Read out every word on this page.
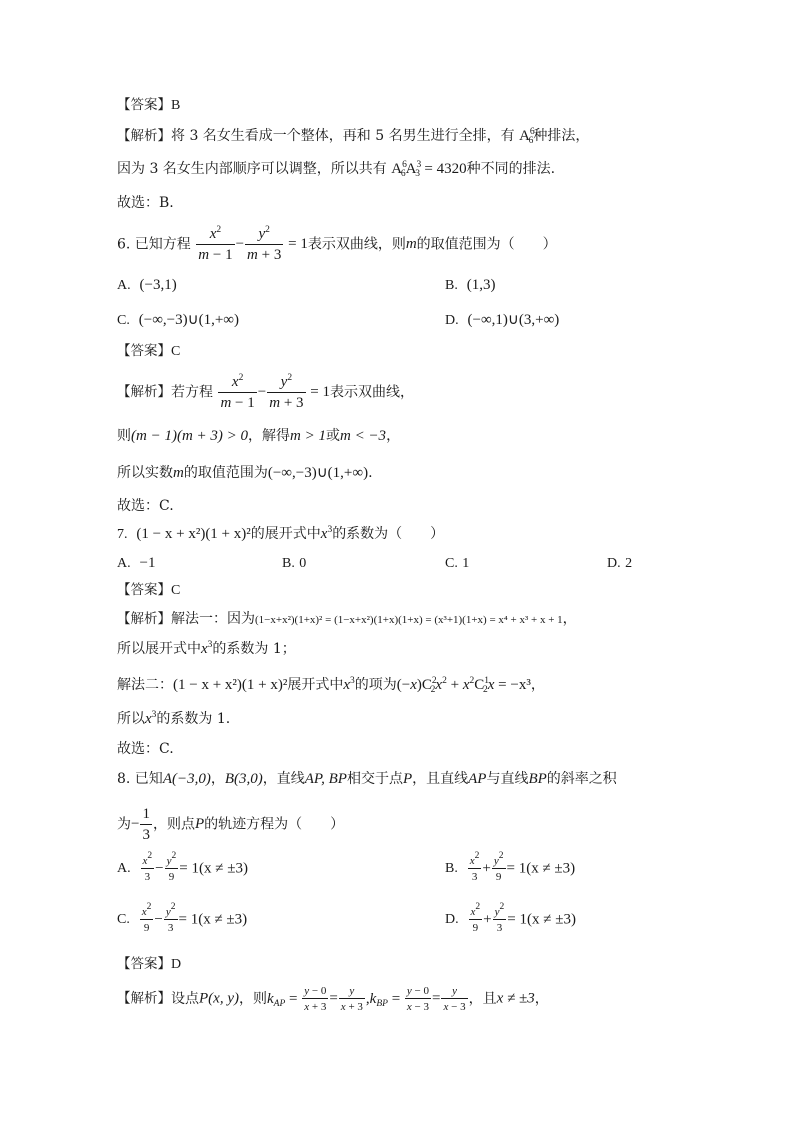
【答案】B
【解析】将 3 名女生看成一个整体，再和 5 名男生进行全排，有 $A^6_6$种排法，
因为 3 名女生内部顺序可以调整，所以共有 $A^6_6A^3_3 = 4320$种不同的排法.
故选：B.
6. 已知方程 $\frac{x^2}{m - 1} - \frac{y^2}{m + 3} = 1$表示双曲线，则m的取值范围为（　　）
A. (−3,1)	B. (1,3)
C. (−∞,−3)∪(1,+∞)	D. (−∞,1)∪(3,+∞)
【答案】C
【解析】若方程 $\frac{x^2}{m - 1} - \frac{y^2}{m + 3} = 1$表示双曲线，
则(m − 1)(m + 3) > 0，解得m > 1或m < −3，
所以实数m的取值范围为(−∞,−3)∪(1,+∞).
故选：C.
7. (1 − x + x²)(1 + x)²的展开式中$x^3$的系数为（　　）
A. −1	B. 0	C. 1	D. 2
【答案】C
【解析】解法一：因为(1−x+x²)(1+x)² = (1−x+x²)(1+x)(1+x) = (x³+1)(1+x) = x⁴ + x³ + x + 1，
所以展开式中$x^3$的系数为 1；
解法二：(1 − x + x²)(1 + x)²展开式中$x^3$的项为$(-x)C^2_2x^2 + x^2C^1_2x = -x^3$，
所以$x^3$的系数为 1.
故选：C.
8. 已知A(−3,0)，B(3,0)，直线AP, BP相交于点P，且直线AP与直线BP的斜率之积
为− $\frac{1}{3}$ ，则点P的轨迹方程为（　　）
A. $\frac{x2}{3} - \frac{y2}{9} = 1(x \ne \pm 3)$	B. $\frac{x2}{3} + \frac{y2}{9} = 1(x \ne \pm 3)$
C. $\frac{x2}{9} - \frac{y2}{3} = 1(x \ne \pm 3)$	D. $\frac{x2}{9} + \frac{y2}{3} = 1(x \ne \pm 3)$
【答案】D
【解析】设点P(x, y)，则$k_{AP} = \frac{y - 0}{x + 3} = \frac{y}{x + 3} ,k_{BP} = \frac{y - 0}{x - 3} = \frac{y}{x - 3}$ ，且x ≠ ±3，
